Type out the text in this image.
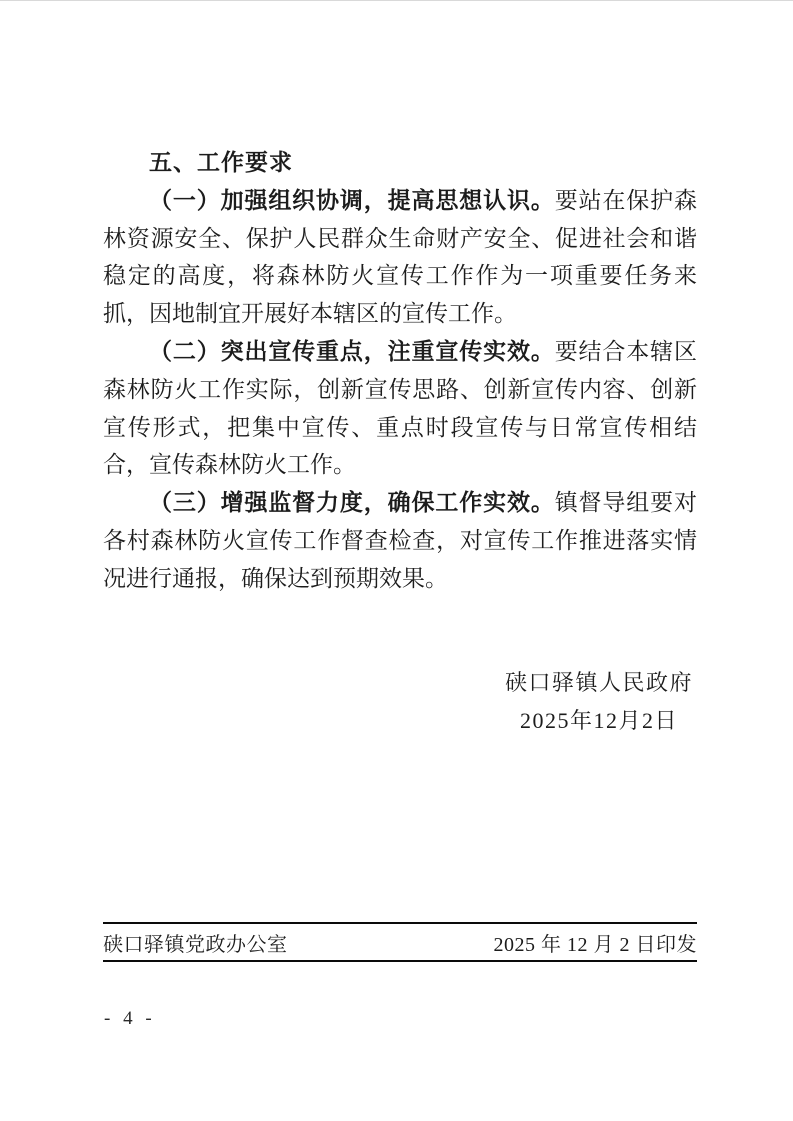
五、工作要求

（一）加强组织协调，提高思想认识。要站在保护森林资源安全、保护人民群众生命财产安全、促进社会和谐稳定的高度，将森林防火宣传工作作为一项重要任务来抓，因地制宜开展好本辖区的宣传工作。

（二）突出宣传重点，注重宣传实效。要结合本辖区森林防火工作实际，创新宣传思路、创新宣传内容、创新宣传形式，把集中宣传、重点时段宣传与日常宣传相结合，宣传森林防火工作。

（三）增强监督力度，确保工作实效。镇督导组要对各村森林防火宣传工作督查检查，对宣传工作推进落实情况进行通报，确保达到预期效果。

硖口驿镇人民政府
2025年12月2日
硖口驿镇党政办公室	2025 年 12 月 2 日印发
- 4 -
